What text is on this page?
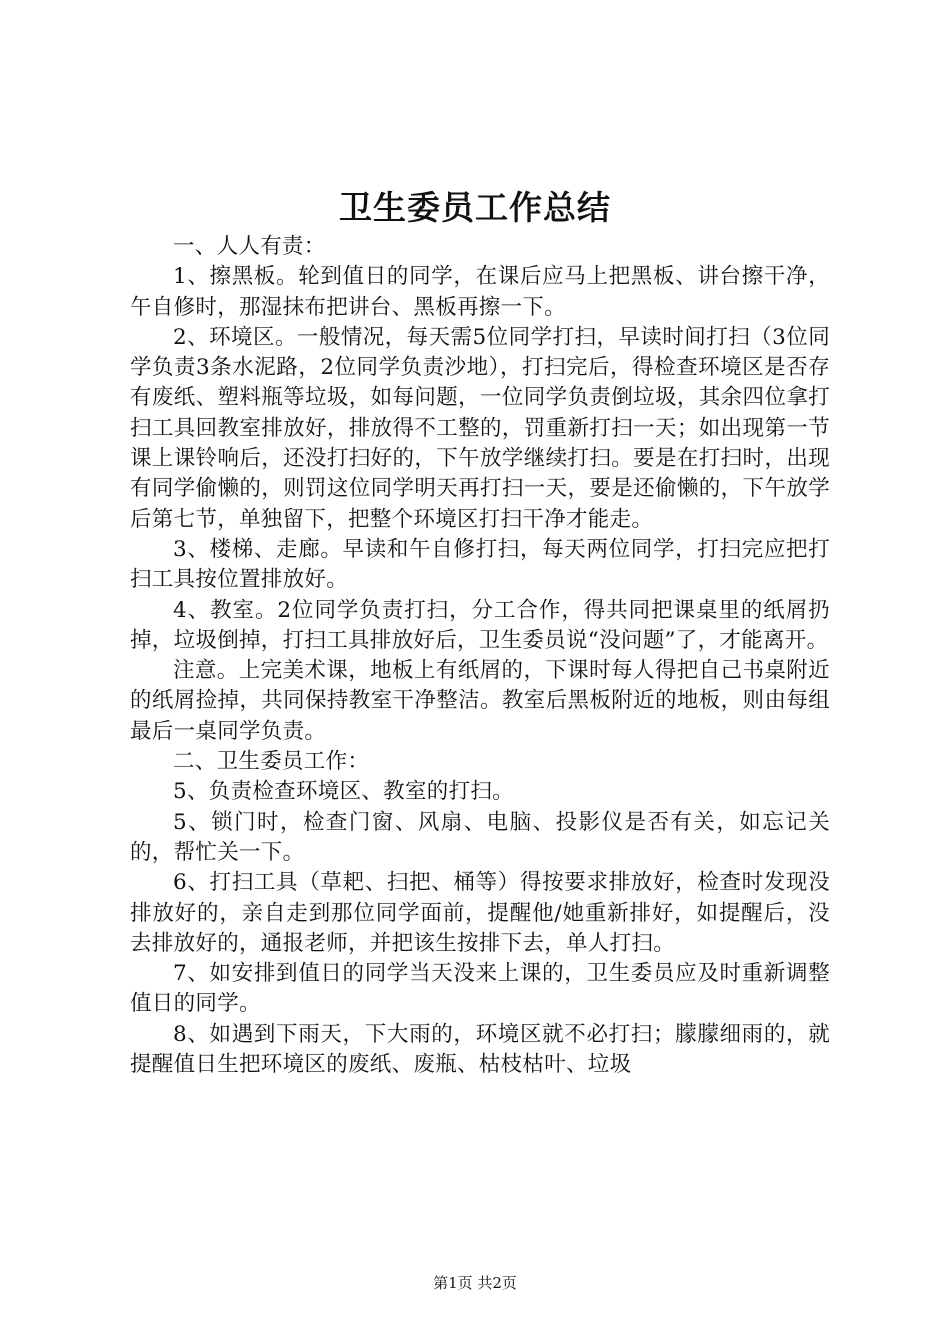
卫生委员工作总结

一、人人有责：

1、擦黑板。轮到值日的同学，在课后应马上把黑板、讲台擦干净，午自修时，那湿抹布把讲台、黑板再擦一下。

2、环境区。一般情况，每天需5位同学打扫，早读时间打扫（3位同学负责3条水泥路，2位同学负责沙地），打扫完后，得检查环境区是否存有废纸、塑料瓶等垃圾，如每问题，一位同学负责倒垃圾，其余四位拿打扫工具回教室排放好，排放得不工整的，罚重新打扫一天；如出现第一节课上课铃响后，还没打扫好的，下午放学继续打扫。要是在打扫时，出现有同学偷懒的，则罚这位同学明天再打扫一天，要是还偷懒的，下午放学后第七节，单独留下，把整个环境区打扫干净才能走。

3、楼梯、走廊。早读和午自修打扫，每天两位同学，打扫完应把打扫工具按位置排放好。

4、教室。2位同学负责打扫，分工合作，得共同把课桌里的纸屑扔掉，垃圾倒掉，打扫工具排放好后，卫生委员说“没问题”了，才能离开。

注意。上完美术课，地板上有纸屑的，下课时每人得把自己书桌附近的纸屑捡掉，共同保持教室干净整洁。教室后黑板附近的地板，则由每组最后一桌同学负责。

二、卫生委员工作：

5、负责检查环境区、教室的打扫。

5、锁门时，检查门窗、风扇、电脑、投影仪是否有关，如忘记关的，帮忙关一下。

6、打扫工具（草耙、扫把、桶等）得按要求排放好，检查时发现没排放好的，亲自走到那位同学面前，提醒他/她重新排好，如提醒后，没去排放好的，通报老师，并把该生按排下去，单人打扫。

7、如安排到值日的同学当天没来上课的，卫生委员应及时重新调整值日的同学。

8、如遇到下雨天，下大雨的，环境区就不必打扫；朦朦细雨的，就提醒值日生把环境区的废纸、废瓶、枯枝枯叶、垃圾

第1页 共2页
